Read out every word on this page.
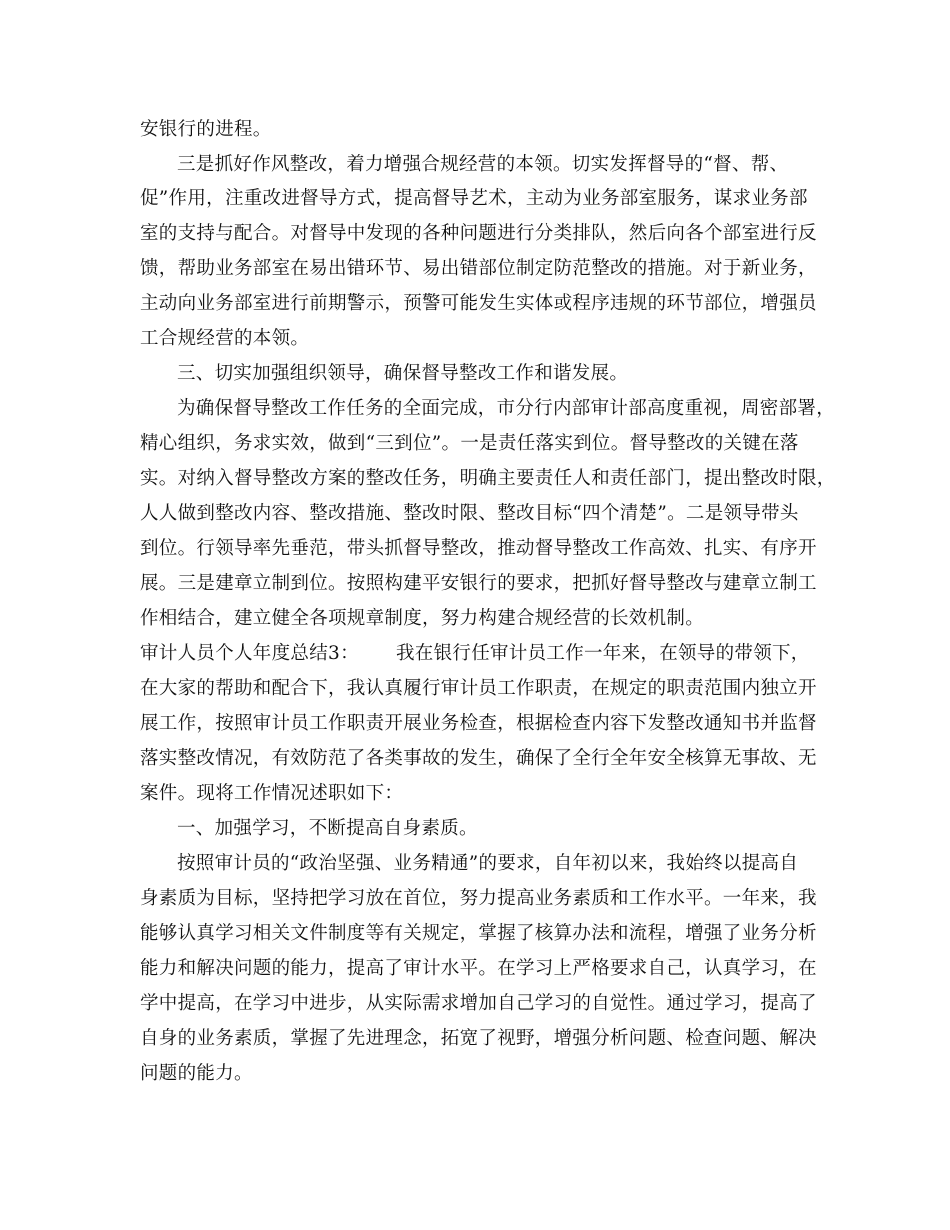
安银行的进程。
三是抓好作风整改，着力增强合规经营的本领。切实发挥督导的“督、帮、
促”作用，注重改进督导方式，提高督导艺术，主动为业务部室服务，谋求业务部
室的支持与配合。对督导中发现的各种问题进行分类排队，然后向各个部室进行反
馈，帮助业务部室在易出错环节、易出错部位制定防范整改的措施。对于新业务，
主动向业务部室进行前期警示，预警可能发生实体或程序违规的环节部位，增强员
工合规经营的本领。
三、切实加强组织领导，确保督导整改工作和谐发展。
为确保督导整改工作任务的全面完成，市分行内部审计部高度重视，周密部署，
精心组织，务求实效，做到“三到位”。一是责任落实到位。督导整改的关键在落
实。对纳入督导整改方案的整改任务，明确主要责任人和责任部门，提出整改时限，
人人做到整改内容、整改措施、整改时限、整改目标“四个清楚”。二是领导带头
到位。行领导率先垂范，带头抓督导整改，推动督导整改工作高效、扎实、有序开
展。三是建章立制到位。按照构建平安银行的要求，把抓好督导整改与建章立制工
作相结合，建立健全各项规章制度，努力构建合规经营的长效机制。
审计人员个人年度总结3：	我在银行任审计员工作一年来，在领导的带领下，
在大家的帮助和配合下，我认真履行审计员工作职责，在规定的职责范围内独立开
展工作，按照审计员工作职责开展业务检查，根据检查内容下发整改通知书并监督
落实整改情况，有效防范了各类事故的发生，确保了全行全年安全核算无事故、无
案件。现将工作情况述职如下：
一、加强学习，不断提高自身素质。
按照审计员的“政治坚强、业务精通”的要求，自年初以来，我始终以提高自
身素质为目标，坚持把学习放在首位，努力提高业务素质和工作水平。一年来，我
能够认真学习相关文件制度等有关规定，掌握了核算办法和流程，增强了业务分析
能力和解决问题的能力，提高了审计水平。在学习上严格要求自己，认真学习，在
学中提高，在学习中进步，从实际需求增加自己学习的自觉性。通过学习，提高了
自身的业务素质，掌握了先进理念，拓宽了视野，增强分析问题、检查问题、解决
问题的能力。
